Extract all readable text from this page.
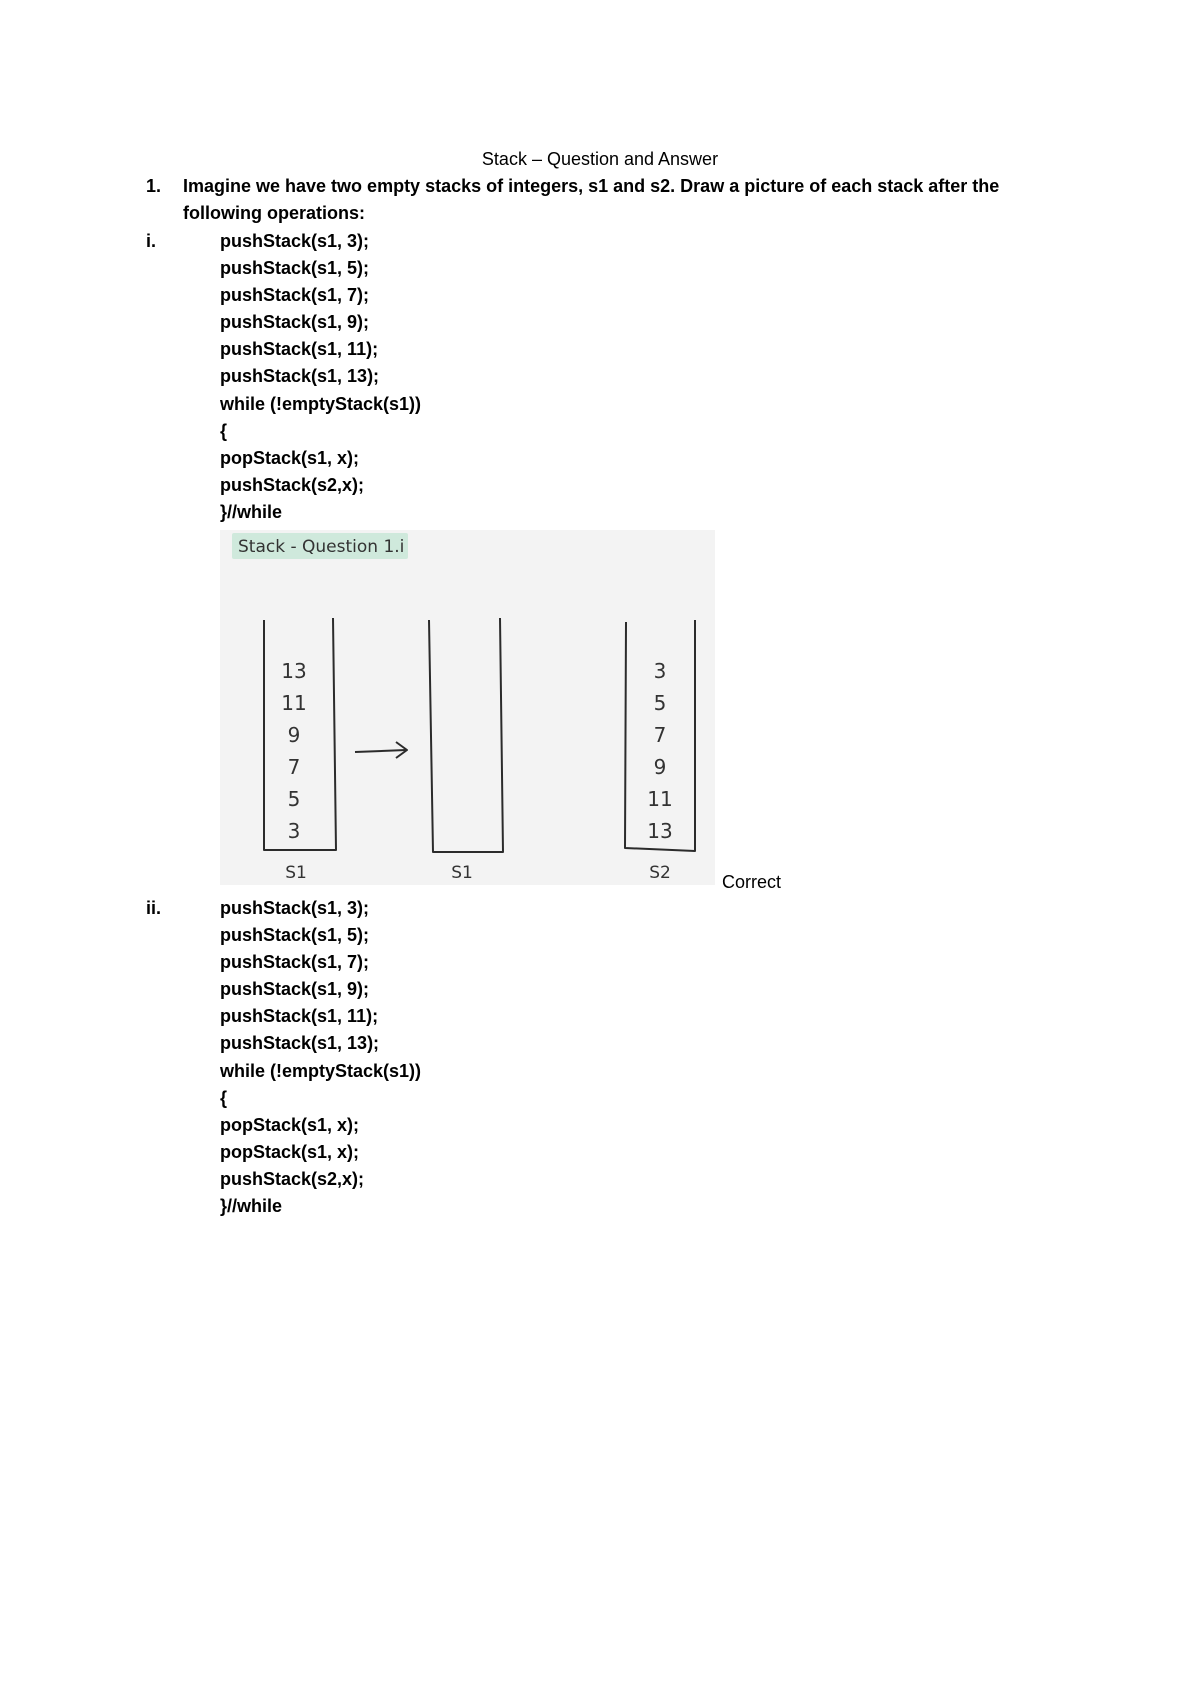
Stack – Question and Answer
1. Imagine we have two empty stacks of integers, s1 and s2. Draw a picture of each stack after the following operations:
i.	pushStack(s1, 3);
pushStack(s1, 5);
pushStack(s1, 7);
pushStack(s1, 9);
pushStack(s1, 11);
pushStack(s1, 13);
while (!emptyStack(s1))
{
popStack(s1, x);
pushStack(s2,x);
}//while
Stack - Question 1.i
13
11
9
7
5
3
S1	S1
3
5
7
9
11
13
S2	Correct
ii.	pushStack(s1, 3);
pushStack(s1, 5);
pushStack(s1, 7);
pushStack(s1, 9);
pushStack(s1, 11);
pushStack(s1, 13);
while (!emptyStack(s1))
{
popStack(s1, x);
popStack(s1, x);
pushStack(s2,x);
}//while
